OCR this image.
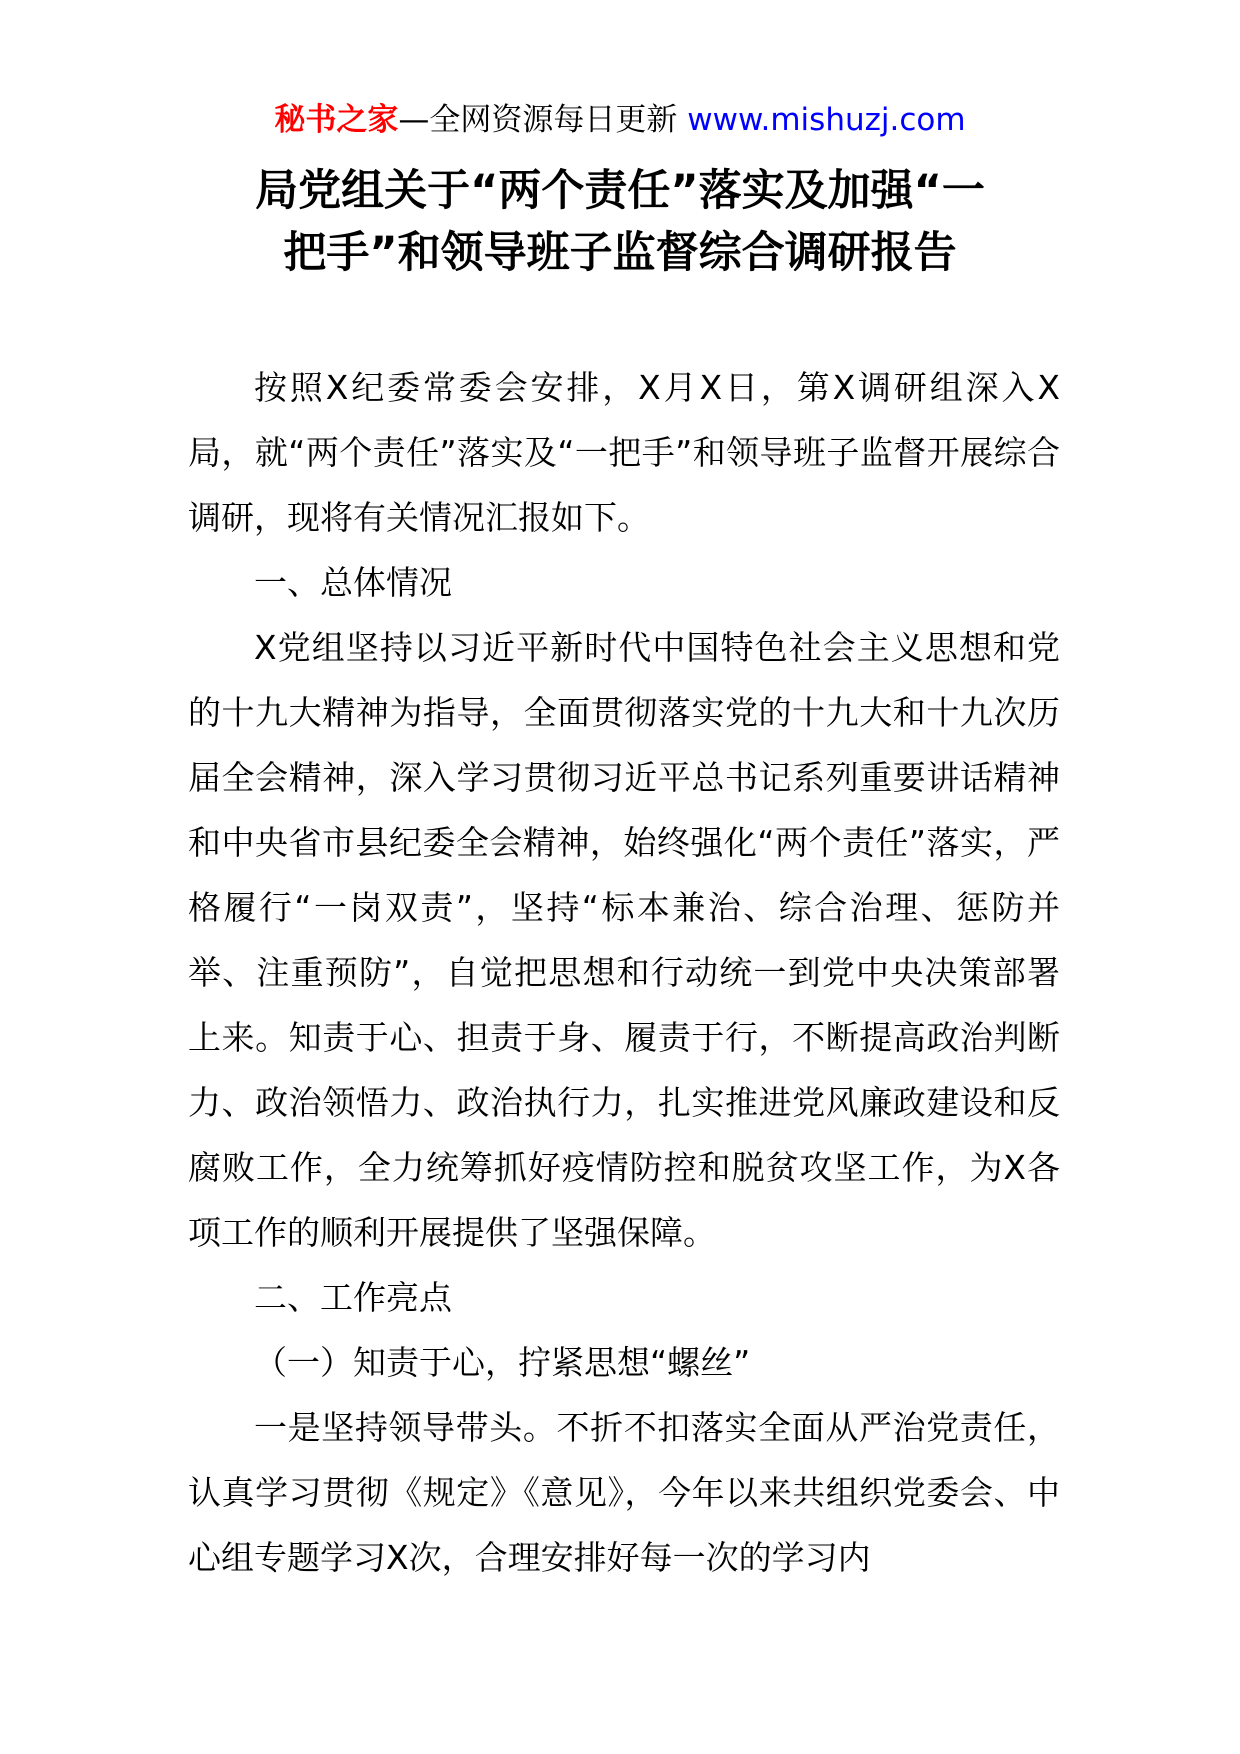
秘书之家—全网资源每日更新 www.mishuzj.com
局党组关于“两个责任”落实及加强“一
把手”和领导班子监督综合调研报告

按照X纪委常委会安排，X月X日，第X调研组深入X局，就“两个责任”落实及“一把手”和领导班子监督开展综合调研，现将有关情况汇报如下。

一、总体情况

X党组坚持以习近平新时代中国特色社会主义思想和党的十九大精神为指导，全面贯彻落实党的十九大和十九次历届全会精神，深入学习贯彻习近平总书记系列重要讲话精神和中央省市县纪委全会精神，始终强化“两个责任”落实，严格履行“一岗双责”，坚持“标本兼治、综合治理、惩防并举、注重预防”，自觉把思想和行动统一到党中央决策部署上来。知责于心、担责于身、履责于行，不断提高政治判断力、政治领悟力、政治执行力，扎实推进党风廉政建设和反腐败工作，全力统筹抓好疫情防控和脱贫攻坚工作，为X各项工作的顺利开展提供了坚强保障。

二、工作亮点

（一）知责于心，拧紧思想“螺丝”

一是坚持领导带头。不折不扣落实全面从严治党责任，认真学习贯彻《规定》《意见》，今年以来共组织党委会、中心组专题学习X次，合理安排好每一次的学习内
